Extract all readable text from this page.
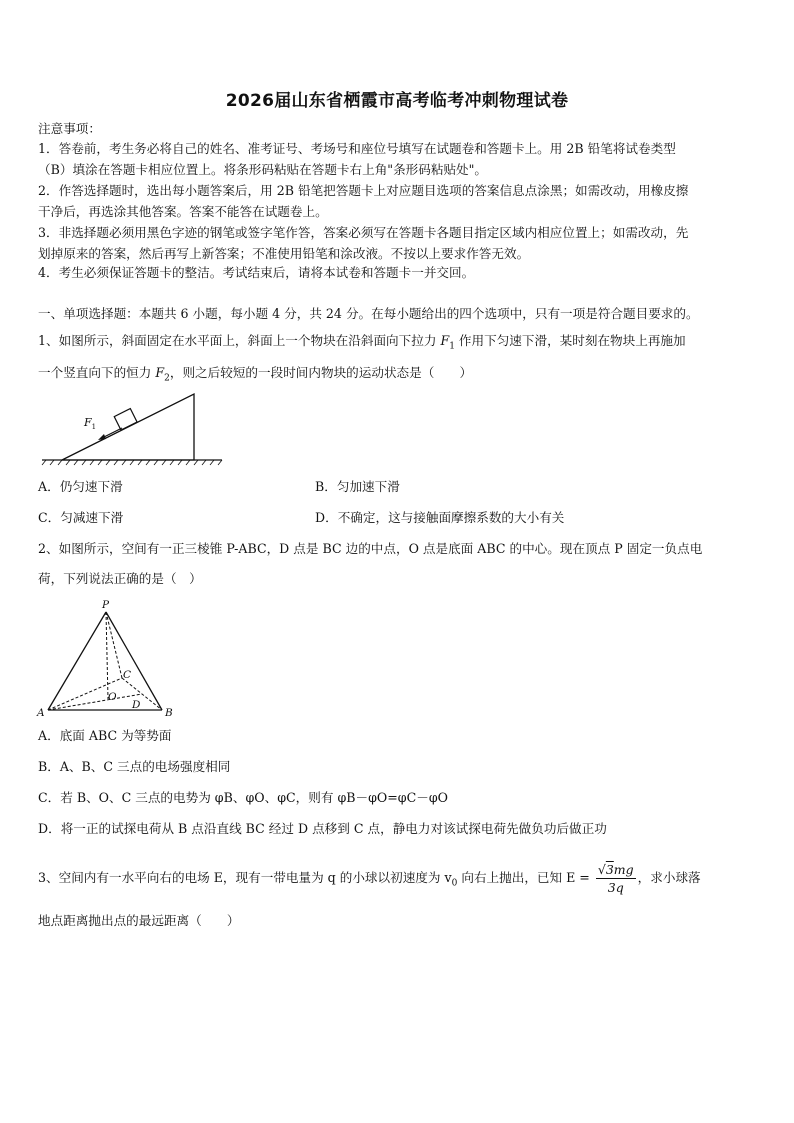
2026届山东省栖霞市高考临考冲刺物理试卷
注意事项：
1．答卷前，考生务必将自己的姓名、准考证号、考场号和座位号填写在试题卷和答题卡上。用 2B 铅笔将试卷类型
（B）填涂在答题卡相应位置上。将条形码粘贴在答题卡右上角"条形码粘贴处"。
2．作答选择题时，选出每小题答案后，用 2B 铅笔把答题卡上对应题目选项的答案信息点涂黑；如需改动，用橡皮擦
干净后，再选涂其他答案。答案不能答在试题卷上。
3．非选择题必须用黑色字迹的钢笔或签字笔作答，答案必须写在答题卡各题目指定区域内相应位置上；如需改动，先
划掉原来的答案，然后再写上新答案；不准使用铅笔和涂改液。不按以上要求作答无效。
4．考生必须保证答题卡的整洁。考试结束后，请将本试卷和答题卡一并交回。
一、单项选择题：本题共 6 小题，每小题 4 分，共 24 分。在每小题给出的四个选项中，只有一项是符合题目要求的。
1、如图所示，斜面固定在水平面上，斜面上一个物块在沿斜面向下拉力 $F_1$ 作用下匀速下滑，某时刻在物块上再施加
一个竖直向下的恒力 $F_2$，则之后较短的一段时间内物块的运动状态是（　　）
$F_1$
A．仍匀速下滑	B．匀加速下滑
C．匀减速下滑	D．不确定，这与接触面摩擦系数的大小有关
2、如图所示，空间有一正三棱锥 P-ABC，D 点是 BC 边的中点，O 点是底面 ABC 的中心。现在顶点 P 固定一负点电
荷，下列说法正确的是（　）
P
A	B
C
D
O
A．底面 ABC 为等势面
B．A、B、C 三点的电场强度相同
C．若 B、O、C 三点的电势为 φB、φO、φC，则有 φB－φO=φC－φO
D．将一正的试探电荷从 B 点沿直线 BC 经过 D 点移到 C 点，静电力对该试探电荷先做负功后做正功
3、空间内有一水平向右的电场 E，现有一带电量为 q 的小球以初速度为 $v_0$ 向右上抛出，已知 $E = \frac{√3mg}{3q}$ ，求小球落
地点距离抛出点的最远距离（　　）
